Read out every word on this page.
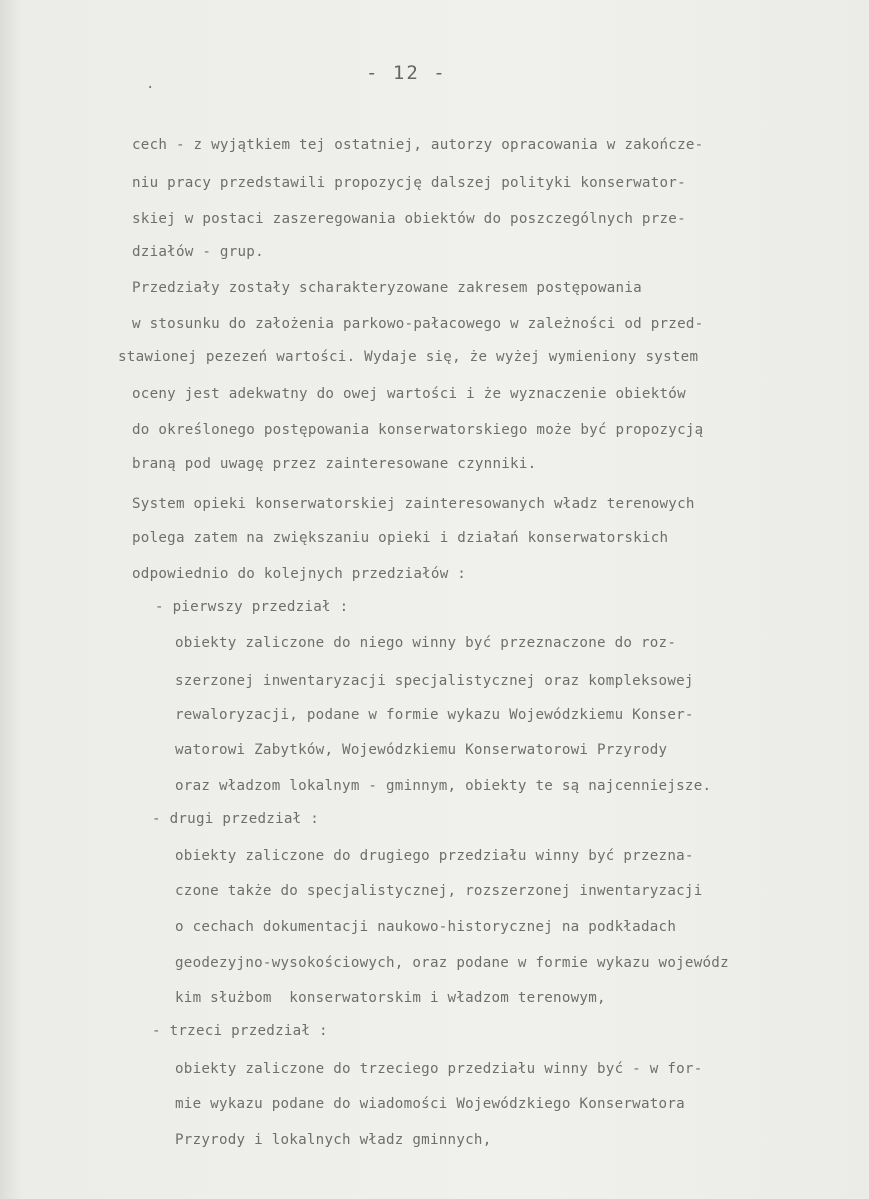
- 12 -
·
cech - z wyjątkiem tej ostatniej, autorzy opracowania w zakończe-
niu pracy przedstawili propozycję dalszej polityki konserwator-
skiej w postaci zaszeregowania obiektów do poszczególnych prze-
działów - grup.
Przedziały zostały scharakteryzowane zakresem postępowania
w stosunku do założenia parkowo-pałacowego w zależności od przed-
stawionej pezezeń wartości. Wydaje się, że wyżej wymieniony system
oceny jest adekwatny do owej wartości i że wyznaczenie obiektów
do określonego postępowania konserwatorskiego może być propozycją
braną pod uwagę przez zainteresowane czynniki.
System opieki konserwatorskiej zainteresowanych władz terenowych
polega zatem na zwiększaniu opieki i działań konserwatorskich
odpowiednio do kolejnych przedziałów :
- pierwszy przedział :
obiekty zaliczone do niego winny być przeznaczone do roz-
szerzonej inwentaryzacji specjalistycznej oraz kompleksowej
rewaloryzacji, podane w formie wykazu Wojewódzkiemu Konser-
watorowi Zabytków, Wojewódzkiemu Konserwatorowi Przyrody
oraz władzom lokalnym - gminnym, obiekty te są najcenniejsze.
- drugi przedział :
obiekty zaliczone do drugiego przedziału winny być przezna-
czone także do specjalistycznej, rozszerzonej inwentaryzacji
o cechach dokumentacji naukowo-historycznej na podkładach
geodezyjno-wysokościowych, oraz podane w formie wykazu wojewódz
kim służbom  konserwatorskim i władzom terenowym,
- trzeci przedział :
obiekty zaliczone do trzeciego przedziału winny być - w for-
mie wykazu podane do wiadomości Wojewódzkiego Konserwatora
Przyrody i lokalnych władz gminnych,
